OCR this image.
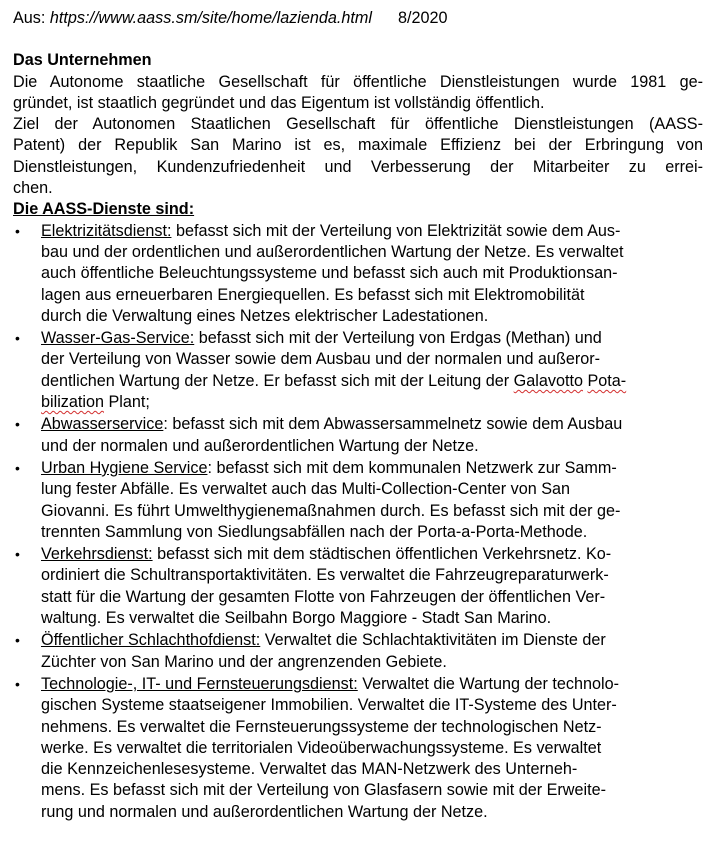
Aus: https://www.aass.sm/site/home/lazienda.html 8/2020
Das Unternehmen
Die Autonome staatliche Gesellschaft für öffentliche Dienstleistungen wurde 1981 ge-
gründet, ist staatlich gegründet und das Eigentum ist vollständig öffentlich.
Ziel der Autonomen Staatlichen Gesellschaft für öffentliche Dienstleistungen (AASS-
Patent) der Republik San Marino ist es, maximale Effizienz bei der Erbringung von
Dienstleistungen, Kundenzufriedenheit und Verbesserung der Mitarbeiter zu errei-
chen.
Die AASS-Dienste sind:
• Elektrizitätsdienst: befasst sich mit der Verteilung von Elektrizität sowie dem Aus-
bau und der ordentlichen und außerordentlichen Wartung der Netze. Es verwaltet
auch öffentliche Beleuchtungssysteme und befasst sich auch mit Produktionsan-
lagen aus erneuerbaren Energiequellen. Es befasst sich mit Elektromobilität
durch die Verwaltung eines Netzes elektrischer Ladestationen.
• Wasser-Gas-Service: befasst sich mit der Verteilung von Erdgas (Methan) und
der Verteilung von Wasser sowie dem Ausbau und der normalen und außeror-
dentlichen Wartung der Netze. Er befasst sich mit der Leitung der Galavotto Pota-
bilization Plant;
• Abwasserservice: befasst sich mit dem Abwassersammelnetz sowie dem Ausbau
und der normalen und außerordentlichen Wartung der Netze.
• Urban Hygiene Service: befasst sich mit dem kommunalen Netzwerk zur Samm-
lung fester Abfälle. Es verwaltet auch das Multi-Collection-Center von San
Giovanni. Es führt Umwelthygienemaßnahmen durch. Es befasst sich mit der ge-
trennten Sammlung von Siedlungsabfällen nach der Porta-a-Porta-Methode.
• Verkehrsdienst: befasst sich mit dem städtischen öffentlichen Verkehrsnetz. Ko-
ordiniert die Schultransportaktivitäten. Es verwaltet die Fahrzeugreparaturwerk-
statt für die Wartung der gesamten Flotte von Fahrzeugen der öffentlichen Ver-
waltung. Es verwaltet die Seilbahn Borgo Maggiore - Stadt San Marino.
• Öffentlicher Schlachthofdienst: Verwaltet die Schlachtaktivitäten im Dienste der
Züchter von San Marino und der angrenzenden Gebiete.
• Technologie-, IT- und Fernsteuerungsdienst: Verwaltet die Wartung der technolo-
gischen Systeme staatseigener Immobilien. Verwaltet die IT-Systeme des Unter-
nehmens. Es verwaltet die Fernsteuerungssysteme der technologischen Netz-
werke. Es verwaltet die territorialen Videoüberwachungssysteme. Es verwaltet
die Kennzeichenlesesysteme. Verwaltet das MAN-Netzwerk des Unterneh-
mens. Es befasst sich mit der Verteilung von Glasfasern sowie mit der Erweite-
rung und normalen und außerordentlichen Wartung der Netze.
